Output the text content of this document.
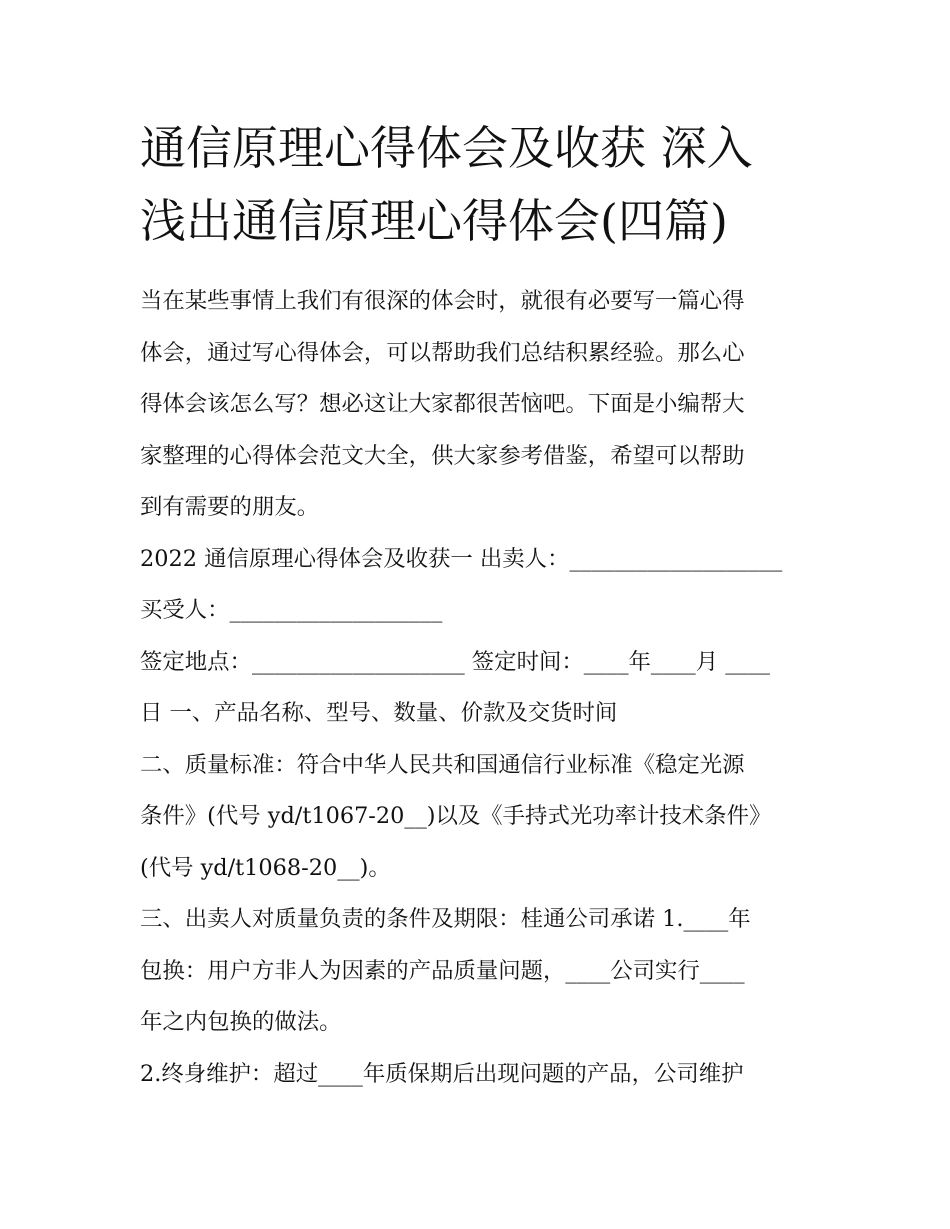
通信原理心得体会及收获 深入
浅出通信原理心得体会(四篇)
当在某些事情上我们有很深的体会时，就很有必要写一篇心得
体会，通过写心得体会，可以帮助我们总结积累经验。那么心
得体会该怎么写？想必这让大家都很苦恼吧。下面是小编帮大
家整理的心得体会范文大全，供大家参考借鉴，希望可以帮助
到有需要的朋友。
2022 通信原理心得体会及收获一 出卖人：___________________
买受人：___________________
签定地点：___________________ 签定时间：____年____月 ____
日 一、产品名称、型号、数量、价款及交货时间
二、质量标准：符合中华人民共和国通信行业标准《稳定光源
条件》(代号 yd/t1067-20__)以及《手持式光功率计技术条件》
(代号 yd/t1068-20__)。
三、出卖人对质量负责的条件及期限：桂通公司承诺 1.____年
包换：用户方非人为因素的产品质量问题，____公司实行____
年之内包换的做法。
2.终身维护：超过____年质保期后出现问题的产品，公司维护
